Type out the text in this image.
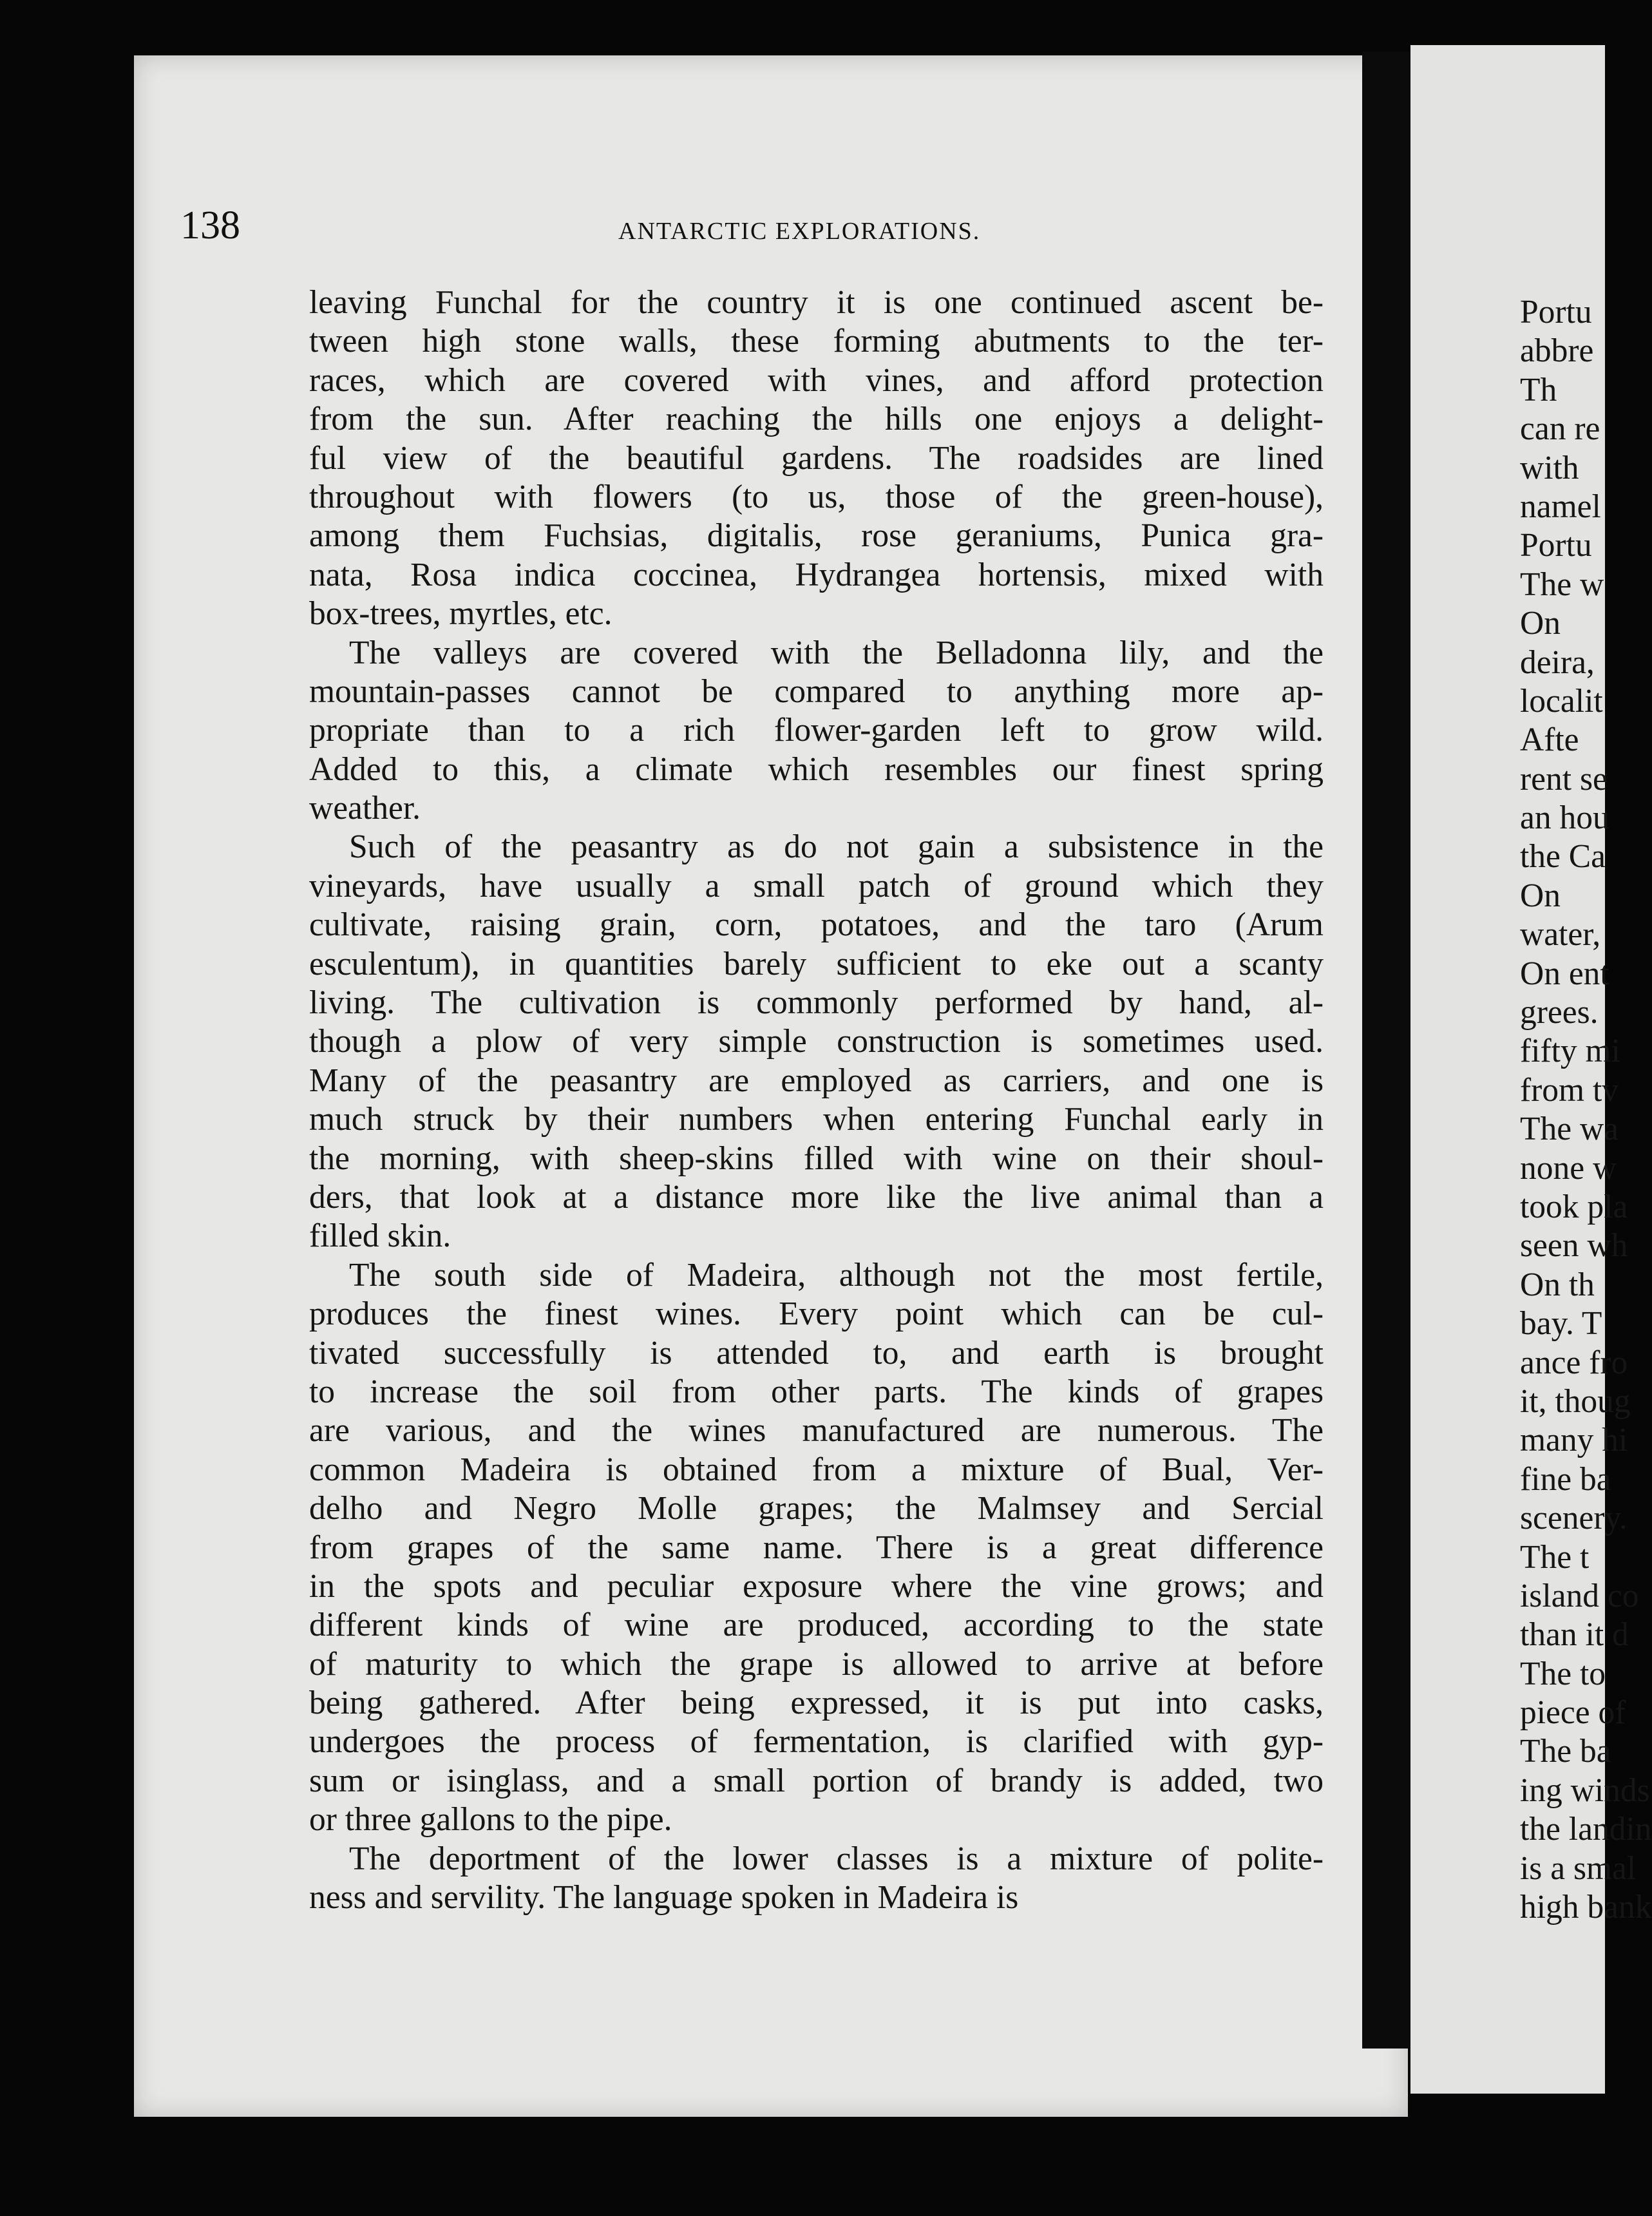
138	ANTARCTIC EXPLORATIONS.
leaving Funchal for the country it is one continued ascent be-
tween high stone walls, these forming abutments to the ter-
races, which are covered with vines, and afford protection
from the sun. After reaching the hills one enjoys a delight-
ful view of the beautiful gardens. The roadsides are lined
throughout with flowers (to us, those of the green-house),
among them Fuchsias, digitalis, rose geraniums, Punica gra-
nata, Rosa indica coccinea, Hydrangea hortensis, mixed with
box-trees, myrtles, etc.
The valleys are covered with the Belladonna lily, and the
mountain-passes cannot be compared to anything more ap-
propriate than to a rich flower-garden left to grow wild.
Added to this, a climate which resembles our finest spring
weather.
Such of the peasantry as do not gain a subsistence in the
vineyards, have usually a small patch of ground which they
cultivate, raising grain, corn, potatoes, and the taro (Arum
esculentum), in quantities barely sufficient to eke out a scanty
living. The cultivation is commonly performed by hand, al-
though a plow of very simple construction is sometimes used.
Many of the peasantry are employed as carriers, and one is
much struck by their numbers when entering Funchal early in
the morning, with sheep-skins filled with wine on their shoul-
ders, that look at a distance more like the live animal than a
filled skin.
The south side of Madeira, although not the most fertile,
produces the finest wines. Every point which can be cul-
tivated successfully is attended to, and earth is brought
to increase the soil from other parts. The kinds of grapes
are various, and the wines manufactured are numerous. The
common Madeira is obtained from a mixture of Bual, Ver-
delho and Negro Molle grapes; the Malmsey and Sercial
from grapes of the same name. There is a great difference
in the spots and peculiar exposure where the vine grows; and
different kinds of wine are produced, according to the state
of maturity to which the grape is allowed to arrive at before
being gathered. After being expressed, it is put into casks,
undergoes the process of fermentation, is clarified with gyp-
sum or isinglass, and a small portion of brandy is added, two
or three gallons to the pipe.
The deportment of the lower classes is a mixture of polite-
ness and servility. The language spoken in Madeira is
Portu
abbre
Th
can re
with
namel
Portu
The w
On
deira,
localit
Afte
rent se
an hou
the Ca
On
water,
On ent
grees.
fifty mi
from tv
The wa
none w
took pla
seen wh
On th
bay. T
ance fro
it, thoug
many hi
fine ba
scenery.
The t
island co
than it d
The to
piece of
The ba
ing winds
the landin
is a smal
high bank
